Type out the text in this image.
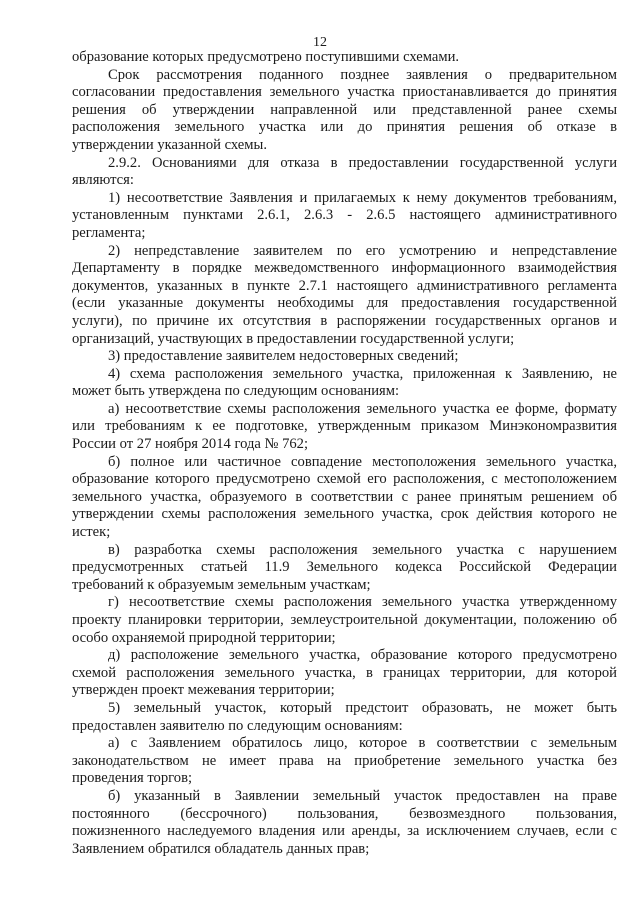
12

образование которых предусмотрено поступившими схемами.

Срок рассмотрения поданного позднее заявления о предварительном
согласовании предоставления земельного участка приостанавливается до принятия
решения об утверждении направленной или представленной ранее схемы
расположения земельного участка или до принятия решения об отказе в
утверждении указанной схемы.

2.9.2. Основаниями для отказа в предоставлении государственной услуги
являются:

1) несоответствие Заявления и прилагаемых к нему документов требованиям,
установленным пунктами 2.6.1, 2.6.3 - 2.6.5 настоящего административного
регламента;

2) непредставление заявителем по его усмотрению и непредставление
Департаменту в порядке межведомственного информационного взаимодействия
документов, указанных в пункте 2.7.1 настоящего административного регламента
(если указанные документы необходимы для предоставления государственной
услуги), по причине их отсутствия в распоряжении государственных органов и
организаций, участвующих в предоставлении государственной услуги;

3) предоставление заявителем недостоверных сведений;

4) схема расположения земельного участка, приложенная к Заявлению, не
может быть утверждена по следующим основаниям:

а) несоответствие схемы расположения земельного участка ее форме, формату
или требованиям к ее подготовке, утвержденным приказом Минэкономразвития
России от 27 ноября 2014 года № 762;

б) полное или частичное совпадение местоположения земельного участка,
образование которого предусмотрено схемой его расположения, с местоположением
земельного участка, образуемого в соответствии с ранее принятым решением об
утверждении схемы расположения земельного участка, срок действия которого не
истек;

в) разработка схемы расположения земельного участка с нарушением
предусмотренных статьей 11.9 Земельного кодекса Российской Федерации
требований к образуемым земельным участкам;

г) несоответствие схемы расположения земельного участка утвержденному
проекту планировки территории, землеустроительной документации, положению об
особо охраняемой природной территории;

д) расположение земельного участка, образование которого предусмотрено
схемой расположения земельного участка, в границах территории, для которой
утвержден проект межевания территории;

5) земельный участок, который предстоит образовать, не может быть
предоставлен заявителю по следующим основаниям:

а) с Заявлением обратилось лицо, которое в соответствии с земельным
законодательством не имеет права на приобретение земельного участка без
проведения торгов;

б) указанный в Заявлении земельный участок предоставлен на праве
постоянного (бессрочного) пользования, безвозмездного пользования,
пожизненного наследуемого владения или аренды, за исключением случаев, если с
Заявлением обратился обладатель данных прав;
